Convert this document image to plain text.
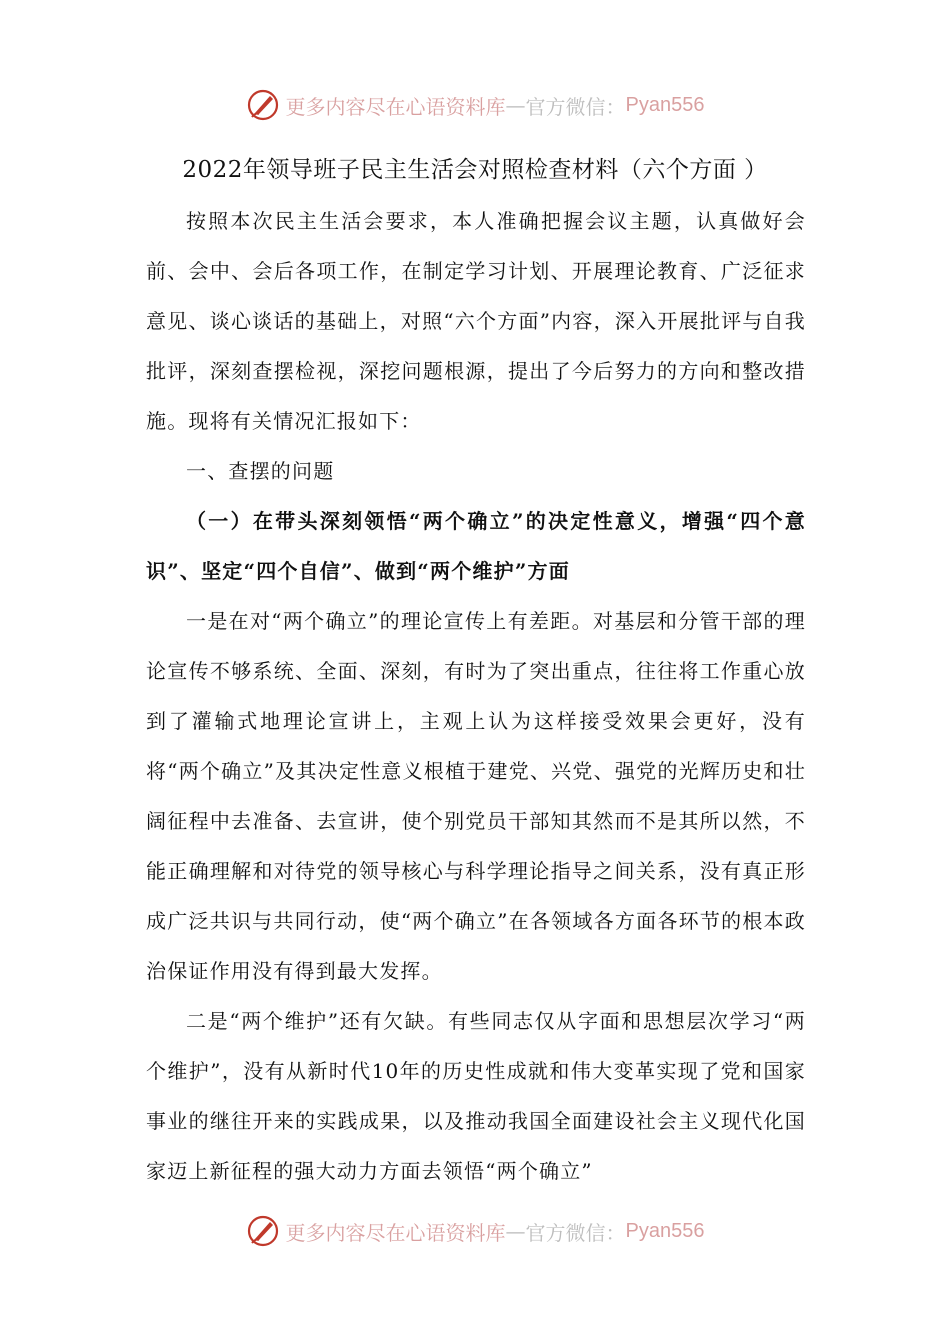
更多内容尽在心语资料库 — 官方微信： Pyan556
2022年领导班子民主生活会对照检查材料（六个方面 ）

按照本次民主生活会要求，本人准确把握会议主题，认真做好会前、会中、会后各项工作，在制定学习计划、开展理论教育、广泛征求意见、谈心谈话的基础上，对照“六个方面”内容，深入开展批评与自我批评，深刻查摆检视，深挖问题根源，提出了今后努力的方向和整改措施。现将有关情况汇报如下：

一、查摆的问题

（一）在带头深刻领悟“两个确立”的决定性意义，增强“四个意识”、坚定“四个自信”、做到“两个维护”方面

一是在对“两个确立”的理论宣传上有差距。对基层和分管干部的理论宣传不够系统、全面、深刻，有时为了突出重点，往往将工作重心放到了灌输式地理论宣讲上，主观上认为这样接受效果会更好，没有将“两个确立”及其决定性意义根植于建党、兴党、强党的光辉历史和壮阔征程中去准备、去宣讲，使个别党员干部知其然而不是其所以然，不能正确理解和对待党的领导核心与科学理论指导之间关系，没有真正形成广泛共识与共同行动，使“两个确立”在各领域各方面各环节的根本政治保证作用没有得到最大发挥。

二是“两个维护”还有欠缺。有些同志仅从字面和思想层次学习“两个维护”，没有从新时代10年的历史性成就和伟大变革实现了党和国家事业的继往开来的实践成果，以及推动我国全面建设社会主义现代化国家迈上新征程的强大动力方面去领悟“两个确立”

更多内容尽在心语资料库 — 官方微信： Pyan556
